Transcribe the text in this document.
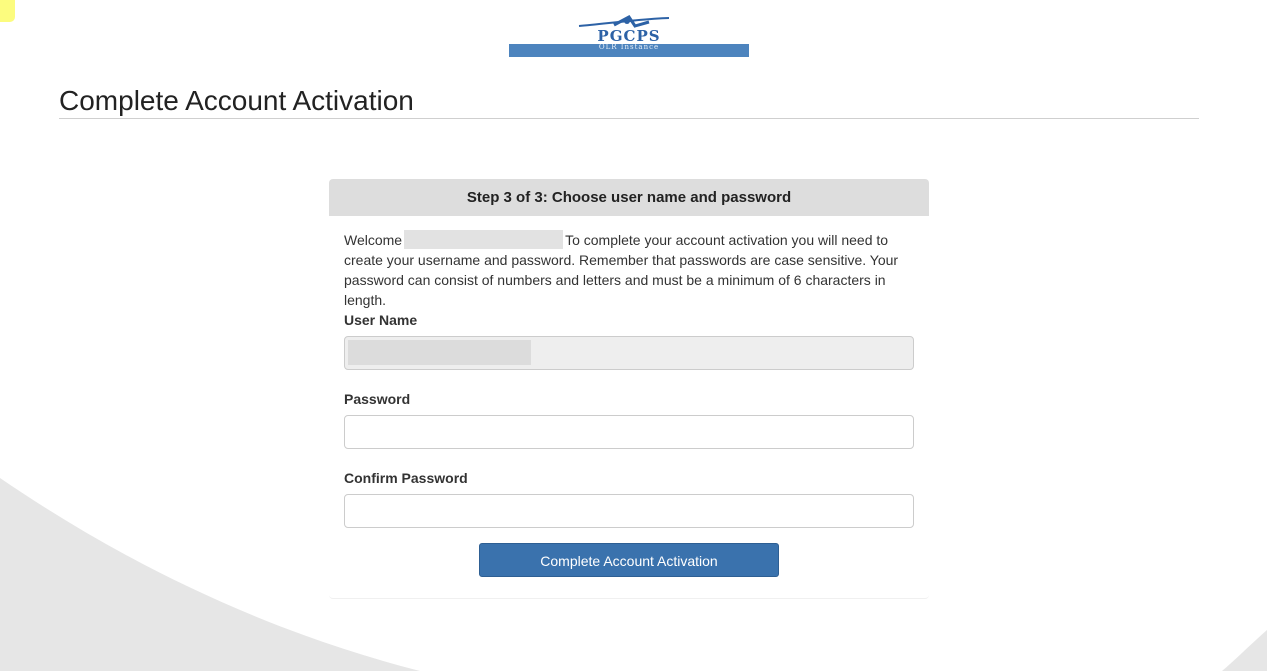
PGCPS
OLR Instance
Complete Account Activation
Step 3 of 3: Choose user name and password

Welcome	To complete your account activation you will need to create your username and password. Remember that passwords are case sensitive. Your password can consist of numbers and letters and must be a minimum of 6 characters in length.

User Name
Password
Confirm Password
Complete Account Activation
